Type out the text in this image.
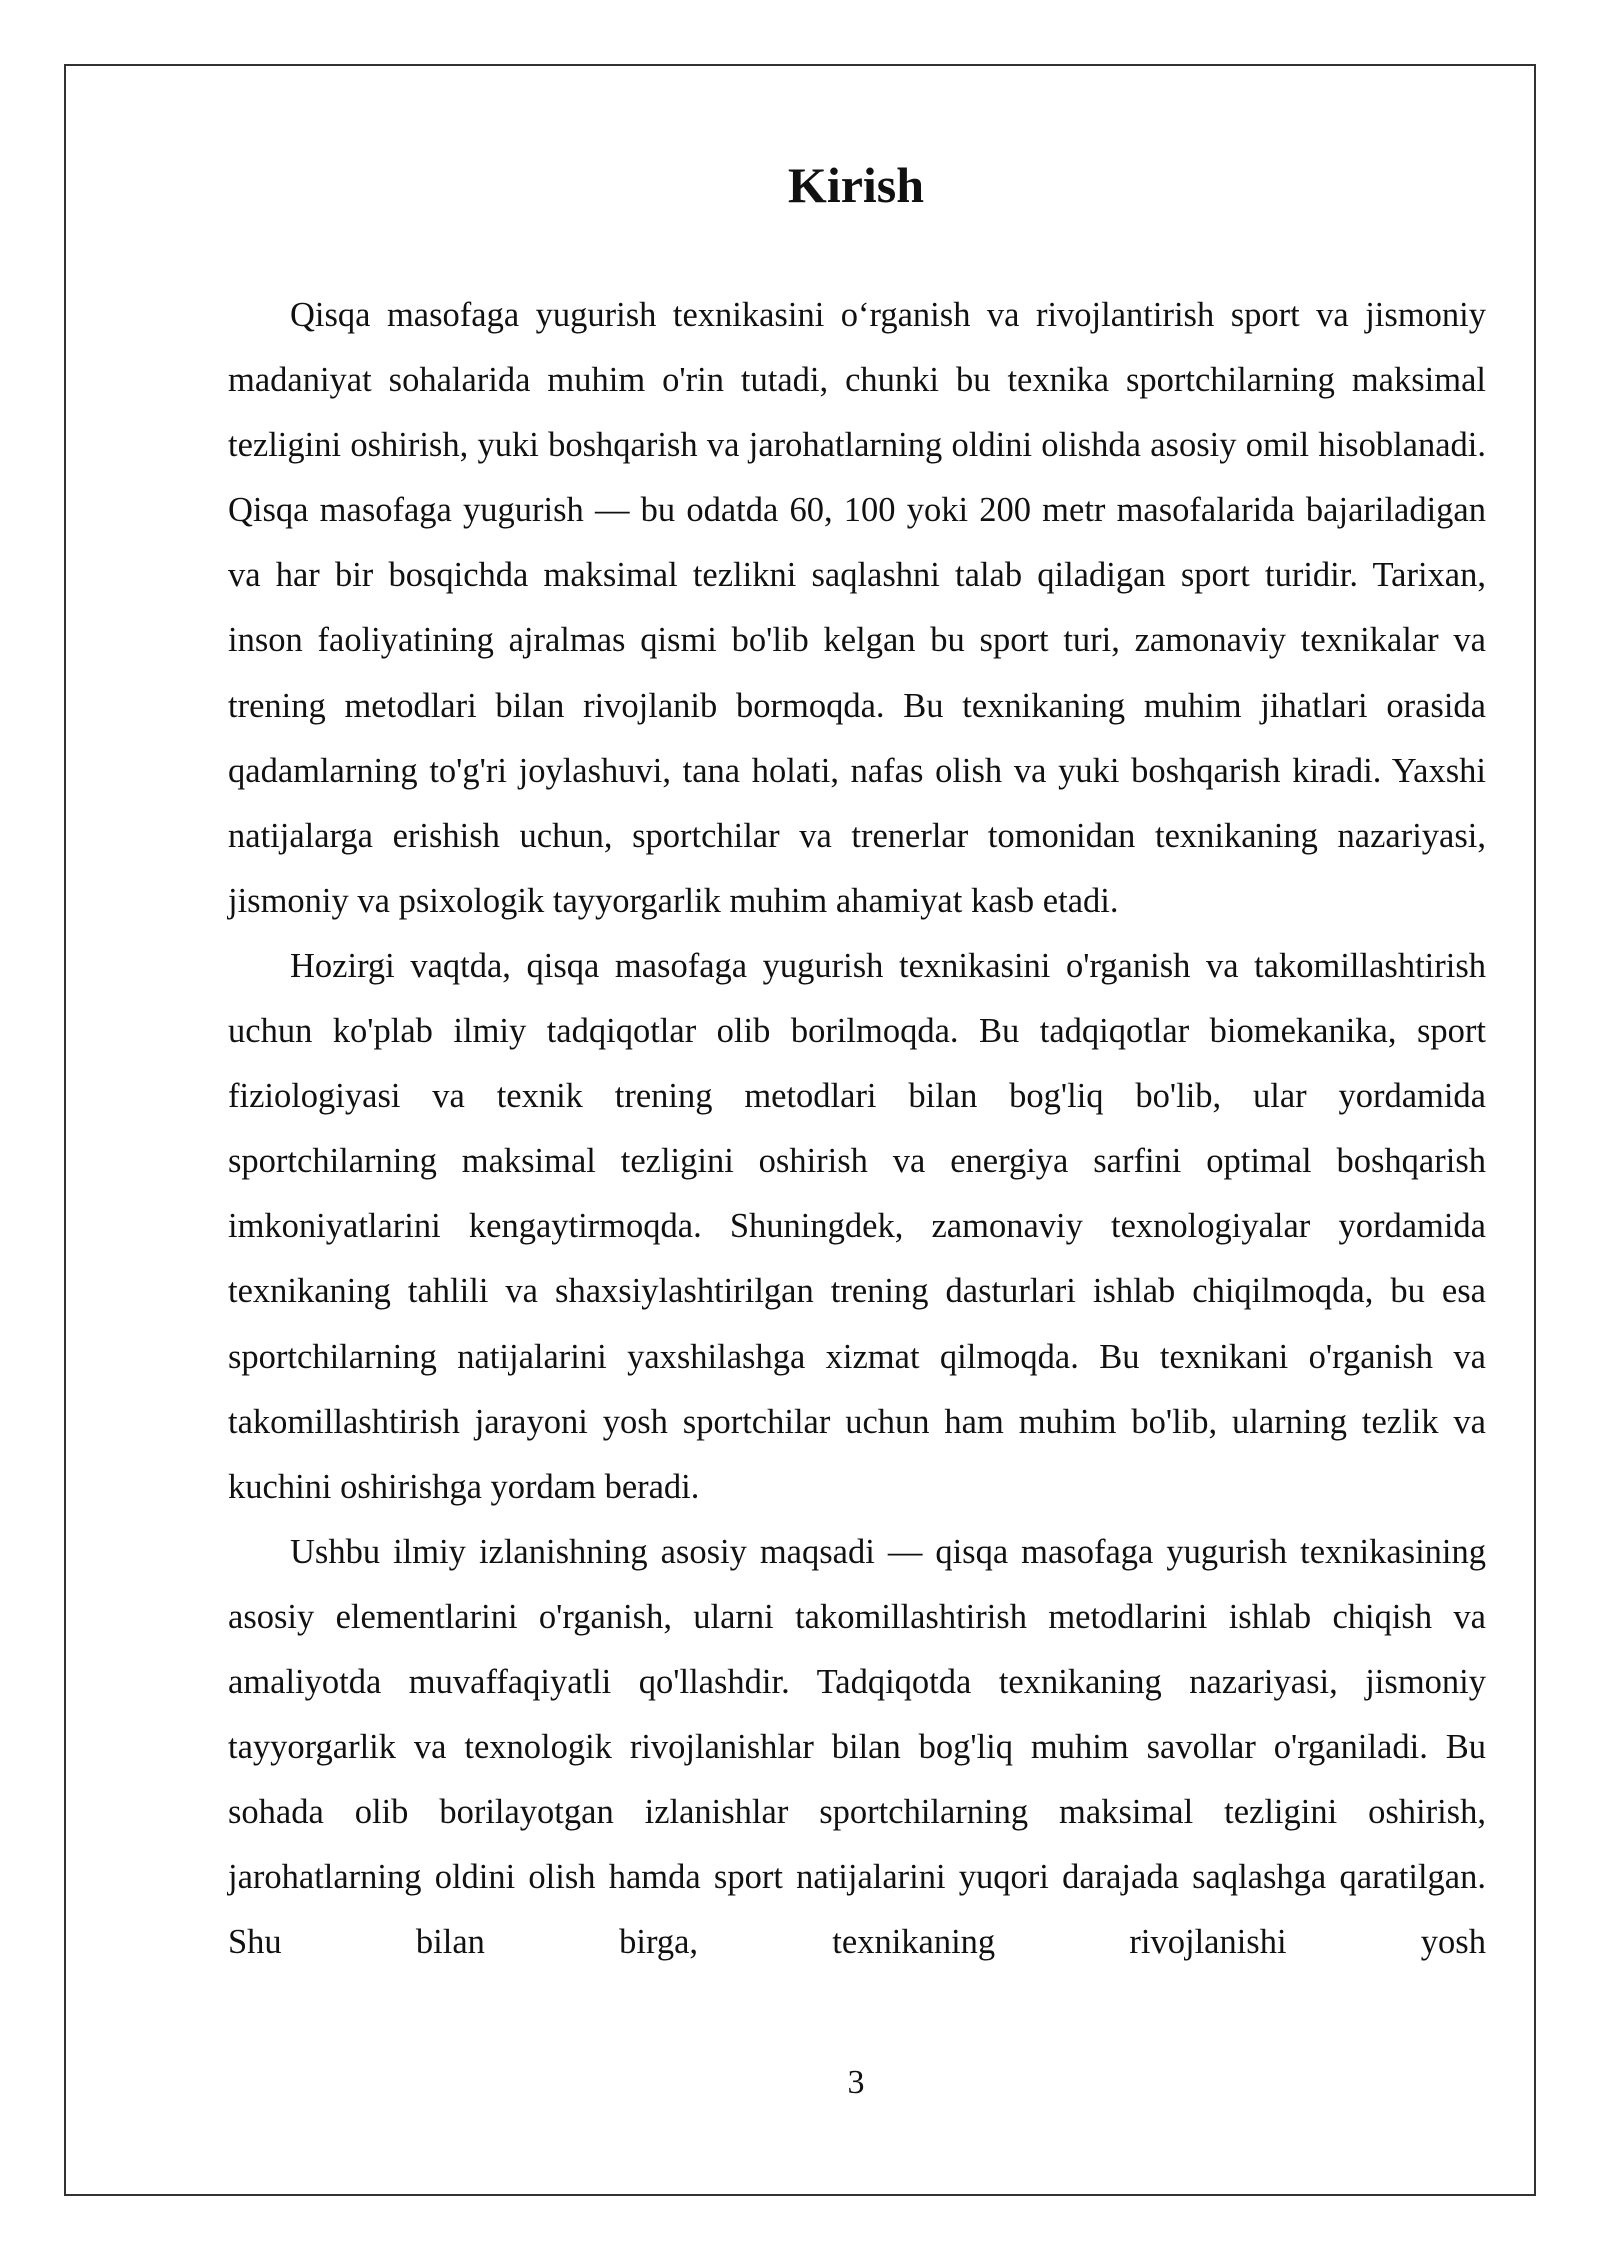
Kirish

Qisqa masofaga yugurish texnikasini o‘rganish va rivojlantirish sport va jismoniy madaniyat sohalarida muhim o'rin tutadi, chunki bu texnika sportchilarning maksimal tezligini oshirish, yuki boshqarish va jarohatlarning oldini olishda asosiy omil hisoblanadi. Qisqa masofaga yugurish — bu odatda 60, 100 yoki 200 metr masofalarida bajariladigan va har bir bosqichda maksimal tezlikni saqlashni talab qiladigan sport turidir. Tarixan, inson faoliyatining ajralmas qismi bo'lib kelgan bu sport turi, zamonaviy texnikalar va trening metodlari bilan rivojlanib bormoqda. Bu texnikaning muhim jihatlari orasida qadamlarning to'g'ri joylashuvi, tana holati, nafas olish va yuki boshqarish kiradi. Yaxshi natijalarga erishish uchun, sportchilar va trenerlar tomonidan texnikaning nazariyasi, jismoniy va psixologik tayyorgarlik muhim ahamiyat kasb etadi.

Hozirgi vaqtda, qisqa masofaga yugurish texnikasini o'rganish va takomillashtirish uchun ko'plab ilmiy tadqiqotlar olib borilmoqda. Bu tadqiqotlar biomekanika, sport fiziologiyasi va texnik trening metodlari bilan bog'liq bo'lib, ular yordamida sportchilarning maksimal tezligini oshirish va energiya sarfini optimal boshqarish imkoniyatlarini kengaytirmoqda. Shuningdek, zamonaviy texnologiyalar yordamida texnikaning tahlili va shaxsiylashtirilgan trening dasturlari ishlab chiqilmoqda, bu esa sportchilarning natijalarini yaxshilashga xizmat qilmoqda. Bu texnikani o'rganish va takomillashtirish jarayoni yosh sportchilar uchun ham muhim bo'lib, ularning tezlik va kuchini oshirishga yordam beradi.

Ushbu ilmiy izlanishning asosiy maqsadi — qisqa masofaga yugurish texnikasining asosiy elementlarini o'rganish, ularni takomillashtirish metodlarini ishlab chiqish va amaliyotda muvaffaqiyatli qo'llashdir. Tadqiqotda texnikaning nazariyasi, jismoniy tayyorgarlik va texnologik rivojlanishlar bilan bog'liq muhim savollar o'rganiladi. Bu sohada olib borilayotgan izlanishlar sportchilarning maksimal tezligini oshirish, jarohatlarning oldini olish hamda sport natijalarini yuqori darajada saqlashga qaratilgan. Shu bilan birga, texnikaning rivojlanishi yosh

3
